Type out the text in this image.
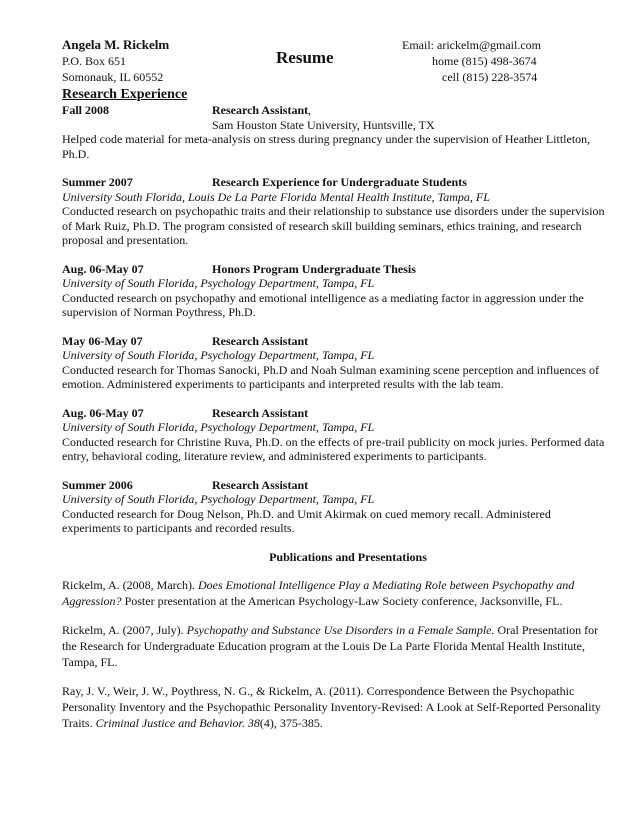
Angela M. Rickelm	Email: arickelm@gmail.com
P.O. Box 651	Resume	home (815) 498-3674
Somonauk, IL 60552	cell (815) 228-3574
Research Experience
Fall 2008	Research Assistant,
Sam Houston State University, Huntsville, TX
Helped code material for meta-analysis on stress during pregnancy under the supervision of Heather Littleton, Ph.D.
Summer 2007	Research Experience for Undergraduate Students
University South Florida, Louis De La Parte Florida Mental Health Institute, Tampa, FL
Conducted research on psychopathic traits and their relationship to substance use disorders under the supervision of Mark Ruiz, Ph.D. The program consisted of research skill building seminars, ethics training, and research proposal and presentation.
Aug. 06-May 07	Honors Program Undergraduate Thesis
University of South Florida, Psychology Department, Tampa, FL
Conducted research on psychopathy and emotional intelligence as a mediating factor in aggression under the supervision of Norman Poythress, Ph.D.
May 06-May 07	Research Assistant
University of South Florida, Psychology Department, Tampa, FL
Conducted research for Thomas Sanocki, Ph.D and Noah Sulman examining scene perception and influences of emotion. Administered experiments to participants and interpreted results with the lab team.
Aug. 06-May 07	Research Assistant
University of South Florida, Psychology Department, Tampa, FL
Conducted research for Christine Ruva, Ph.D. on the effects of pre-trail publicity on mock juries. Performed data entry, behavioral coding, literature review, and administered experiments to participants.
Summer 2006	Research Assistant
University of South Florida, Psychology Department, Tampa, FL
Conducted research for Doug Nelson, Ph.D. and Umit Akirmak on cued memory recall. Administered experiments to participants and recorded results.
Publications and Presentations
Rickelm, A. (2008, March). Does Emotional Intelligence Play a Mediating Role between Psychopathy and Aggression? Poster presentation at the American Psychology-Law Society conference, Jacksonville, FL.
Rickelm, A. (2007, July). Psychopathy and Substance Use Disorders in a Female Sample. Oral Presentation for the Research for Undergraduate Education program at the Louis De La Parte Florida Mental Health Institute, Tampa, FL.
Ray, J. V., Weir, J. W., Poythress, N. G., & Rickelm, A. (2011). Correspondence Between the Psychopathic Personality Inventory and the Psychopathic Personality Inventory-Revised: A Look at Self-Reported Personality Traits. Criminal Justice and Behavior. 38(4), 375-385.
